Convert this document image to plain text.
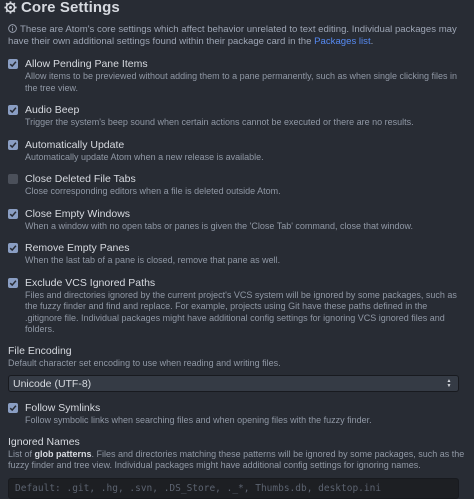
Core Settings
These are Atom's core settings which affect behavior unrelated to text editing. Individual packages may have their own additional settings found within their package card in the Packages list.
Allow Pending Pane Items
Allow items to be previewed without adding them to a pane permanently, such as when single clicking files in the tree view.
Audio Beep
Trigger the system's beep sound when certain actions cannot be executed or there are no results.
Automatically Update
Automatically update Atom when a new release is available.
Close Deleted File Tabs
Close corresponding editors when a file is deleted outside Atom.
Close Empty Windows
When a window with no open tabs or panes is given the 'Close Tab' command, close that window.
Remove Empty Panes
When the last tab of a pane is closed, remove that pane as well.
Exclude VCS Ignored Paths
Files and directories ignored by the current project's VCS system will be ignored by some packages, such as the fuzzy finder and find and replace. For example, projects using Git have these paths defined in the .gitignore file. Individual packages might have additional config settings for ignoring VCS ignored files and folders.
File Encoding
Default character set encoding to use when reading and writing files.
Unicode (UTF-8)	▲
▼
Follow Symlinks
Follow symbolic links when searching files and when opening files with the fuzzy finder.
Ignored Names
List of glob patterns. Files and directories matching these patterns will be ignored by some packages, such as the fuzzy finder and tree view. Individual packages might have additional config settings for ignoring names.
Default: .git, .hg, .svn, .DS_Store, ._*, Thumbs.db, desktop.ini
